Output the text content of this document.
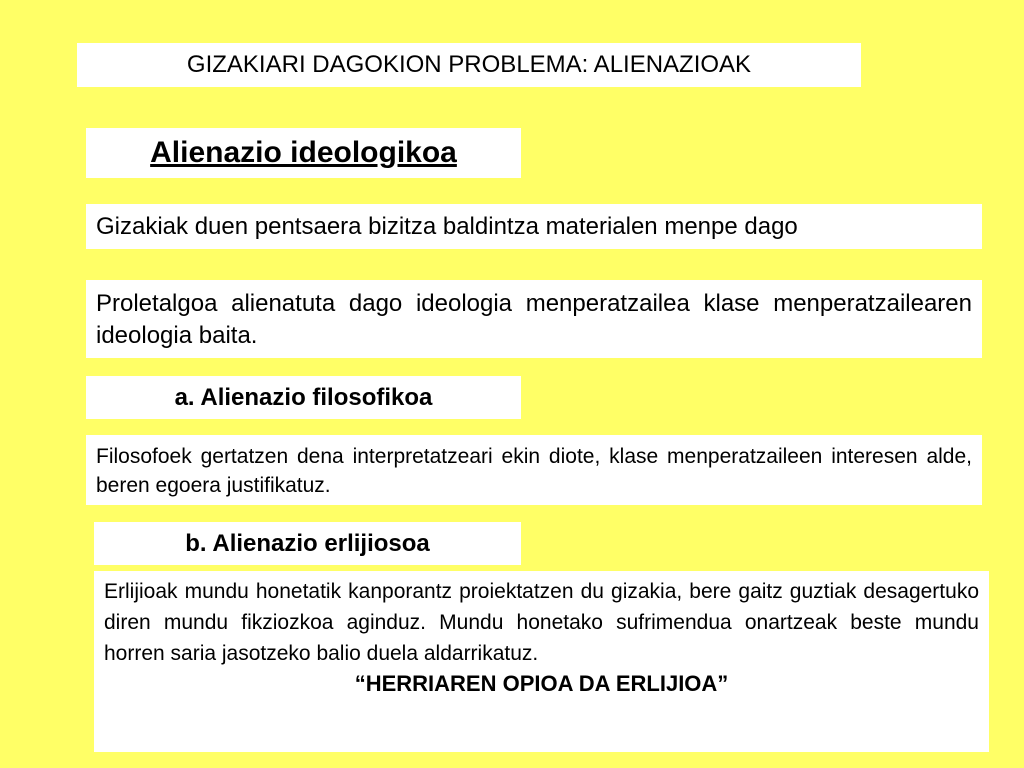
GIZAKIARI DAGOKION PROBLEMA: ALIENAZIOAK
Alienazio ideologikoa
Gizakiak duen pentsaera bizitza baldintza materialen menpe dago
Proletalgoa alienatuta dago ideologia menperatzailea klase menperatzailearen ideologia baita.
a. Alienazio filosofikoa
Filosofoek gertatzen dena interpretatzeari ekin diote, klase menperatzaileen interesen alde, beren egoera justifikatuz.
b. Alienazio erlijiosoa
Erlijioak mundu honetatik kanporantz proiektatzen du gizakia, bere gaitz guztiak desagertuko diren mundu fikziozkoa aginduz. Mundu honetako sufrimendua onartzeak beste mundu horren saria jasotzeko balio duela aldarrikatuz.
“HERRIAREN OPIOA DA ERLIJIOA”
